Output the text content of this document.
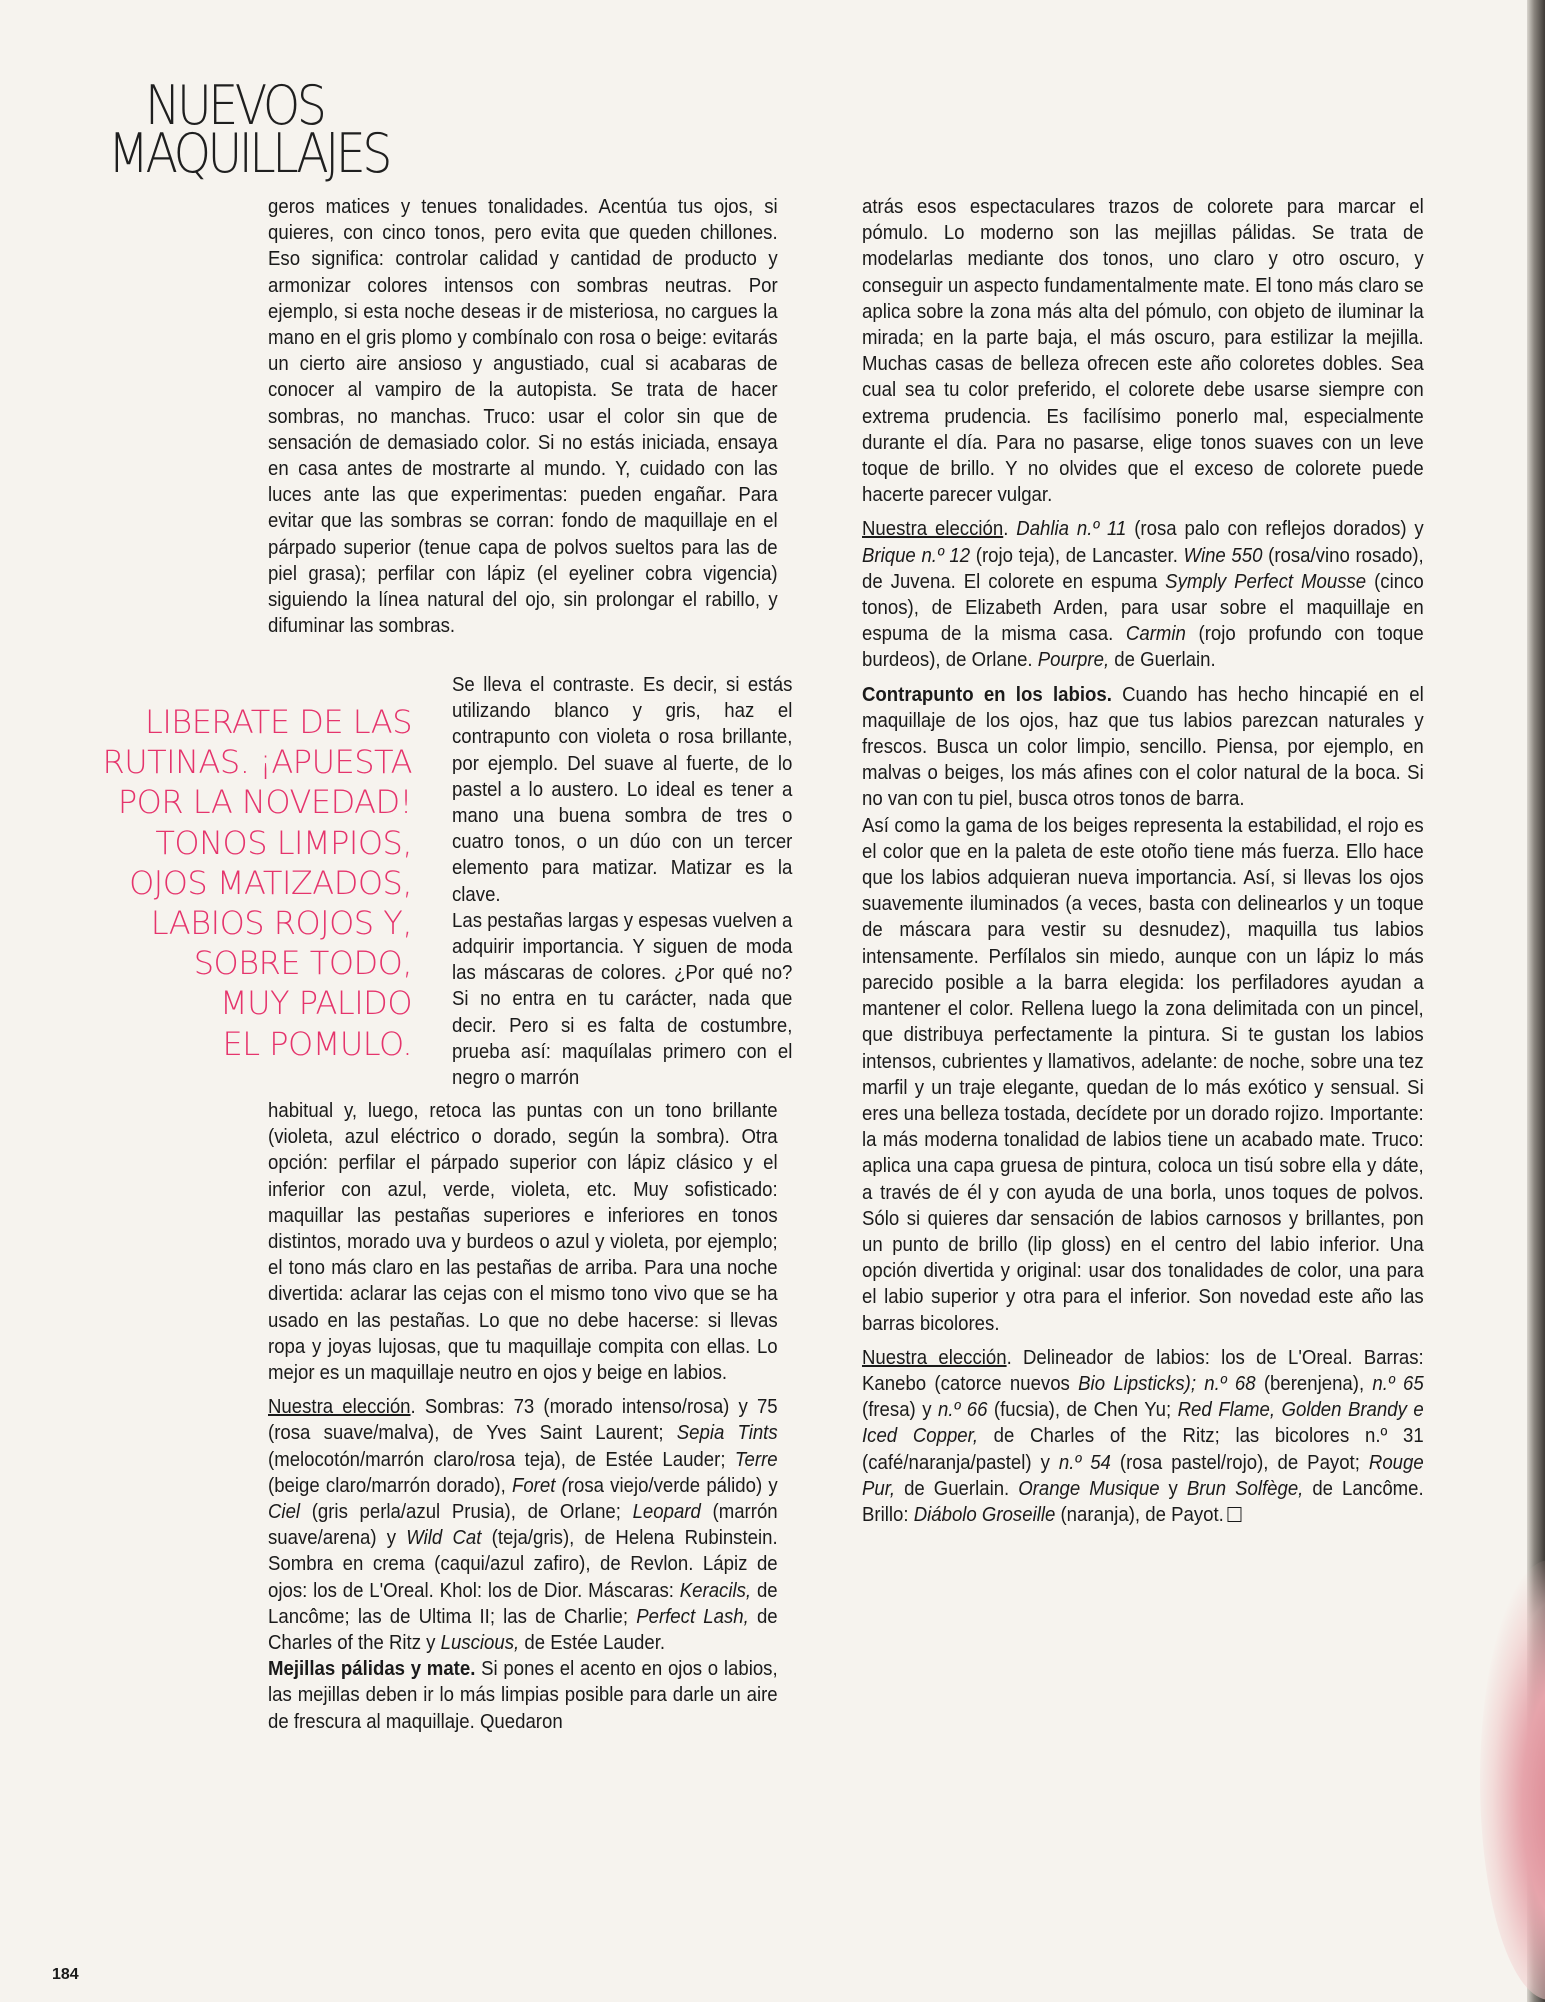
NUEVOS
MAQUILLAJES

geros matices y tenues tonalidades. Acentúa tus ojos, si quieres, con cinco tonos, pero evita que queden chillones. Eso significa: controlar calidad y cantidad de producto y armonizar colores intensos con sombras neutras. Por ejemplo, si esta noche deseas ir de misteriosa, no cargues la mano en el gris plomo y combínalo con rosa o beige: evitarás un cierto aire ansioso y angustiado, cual si acabaras de conocer al vampiro de la autopista. Se trata de hacer sombras, no manchas. Truco: usar el color sin que de sensación de demasiado color. Si no estás iniciada, ensaya en casa antes de mostrarte al mundo. Y, cuidado con las luces ante las que experimentas: pueden engañar. Para evitar que las sombras se corran: fondo de maquillaje en el párpado superior (tenue capa de polvos sueltos para las de piel grasa); perfilar con lápiz (el eyeliner cobra vigencia) siguiendo la línea natural del ojo, sin prolongar el rabillo, y difuminar las sombras.

Se lleva el contraste. Es decir, si estás utilizando blanco y gris, haz el contrapunto con violeta o rosa brillante, por ejemplo. Del suave al fuerte, de lo pastel a lo austero. Lo ideal es tener a mano una buena sombra de tres o cuatro tonos, o un dúo con un tercer elemento para matizar. Matizar es la clave.

Las pestañas largas y espesas vuelven a adquirir importancia. Y siguen de moda las máscaras de colores. ¿Por qué no? Si no entra en tu carácter, nada que decir. Pero si es falta de costumbre, prueba así: maquílalas primero con el negro o marrón

LIBERATE DE LAS
RUTINAS. ¡APUESTA
POR LA NOVEDAD!
TONOS LIMPIOS,
OJOS MATIZADOS,
LABIOS ROJOS Y,
SOBRE TODO,
MUY PALIDO
EL POMULO.

habitual y, luego, retoca las puntas con un tono brillante (violeta, azul eléctrico o dorado, según la sombra). Otra opción: perfilar el párpado superior con lápiz clásico y el inferior con azul, verde, violeta, etc. Muy sofisticado: maquillar las pestañas superiores e inferiores en tonos distintos, morado uva y burdeos o azul y violeta, por ejemplo; el tono más claro en las pestañas de arriba. Para una noche divertida: aclarar las cejas con el mismo tono vivo que se ha usado en las pestañas. Lo que no debe hacerse: si llevas ropa y joyas lujosas, que tu maquillaje compita con ellas. Lo mejor es un maquillaje neutro en ojos y beige en labios.

Nuestra elección. Sombras: 73 (morado intenso/rosa) y 75 (rosa suave/malva), de Yves Saint Laurent; Sepia Tints (melocotón/marrón claro/rosa teja), de Estée Lauder; Terre (beige claro/marrón dorado), Foret (rosa viejo/verde pálido) y Ciel (gris perla/azul Prusia), de Orlane; Leopard (marrón suave/arena) y Wild Cat (teja/gris), de Helena Rubinstein. Sombra en crema (caqui/azul zafiro), de Revlon. Lápiz de ojos: los de L'Oreal. Khol: los de Dior. Máscaras: Keracils, de Lancôme; las de Ultima II; las de Charlie; Perfect Lash, de Charles of the Ritz y Luscious, de Estée Lauder.

Mejillas pálidas y mate. Si pones el acento en ojos o labios, las mejillas deben ir lo más limpias posible para darle un aire de frescura al maquillaje. Quedaron

atrás esos espectaculares trazos de colorete para marcar el pómulo. Lo moderno son las mejillas pálidas. Se trata de modelarlas mediante dos tonos, uno claro y otro oscuro, y conseguir un aspecto fundamentalmente mate. El tono más claro se aplica sobre la zona más alta del pómulo, con objeto de iluminar la mirada; en la parte baja, el más oscuro, para estilizar la mejilla. Muchas casas de belleza ofrecen este año coloretes dobles. Sea cual sea tu color preferido, el colorete debe usarse siempre con extrema prudencia. Es facilísimo ponerlo mal, especialmente durante el día. Para no pasarse, elige tonos suaves con un leve toque de brillo. Y no olvides que el exceso de colorete puede hacerte parecer vulgar.

Nuestra elección. Dahlia n.º 11 (rosa palo con reflejos dorados) y Brique n.º 12 (rojo teja), de Lancaster. Wine 550 (rosa/vino rosado), de Juvena. El colorete en espuma Symply Perfect Mousse (cinco tonos), de Elizabeth Arden, para usar sobre el maquillaje en espuma de la misma casa. Carmin (rojo profundo con toque burdeos), de Orlane. Pourpre, de Guerlain.

Contrapunto en los labios. Cuando has hecho hincapié en el maquillaje de los ojos, haz que tus labios parezcan naturales y frescos. Busca un color limpio, sencillo. Piensa, por ejemplo, en malvas o beiges, los más afines con el color natural de la boca. Si no van con tu piel, busca otros tonos de barra.

Así como la gama de los beiges representa la estabilidad, el rojo es el color que en la paleta de este otoño tiene más fuerza. Ello hace que los labios adquieran nueva importancia. Así, si llevas los ojos suavemente iluminados (a veces, basta con delinearlos y un toque de máscara para vestir su desnudez), maquilla tus labios intensamente. Perfílalos sin miedo, aunque con un lápiz lo más parecido posible a la barra elegida: los perfiladores ayudan a mantener el color. Rellena luego la zona delimitada con un pincel, que distribuya perfectamente la pintura. Si te gustan los labios intensos, cubrientes y llamativos, adelante: de noche, sobre una tez marfil y un traje elegante, quedan de lo más exótico y sensual. Si eres una belleza tostada, decídete por un dorado rojizo. Importante: la más moderna tonalidad de labios tiene un acabado mate. Truco: aplica una capa gruesa de pintura, coloca un tisú sobre ella y dáte, a través de él y con ayuda de una borla, unos toques de polvos. Sólo si quieres dar sensación de labios carnosos y brillantes, pon un punto de brillo (lip gloss) en el centro del labio inferior. Una opción divertida y original: usar dos tonalidades de color, una para el labio superior y otra para el inferior. Son novedad este año las barras bicolores.

Nuestra elección. Delineador de labios: los de L'Oreal. Barras: Kanebo (catorce nuevos Bio Lipsticks); n.º 68 (berenjena), n.º 65 (fresa) y n.º 66 (fucsia), de Chen Yu; Red Flame, Golden Brandy e Iced Copper, de Charles of the Ritz; las bicolores n.º 31 (café/naranja/pastel) y n.º 54 (rosa pastel/rojo), de Payot; Rouge Pur, de Guerlain. Orange Musique y Brun Solfège, de Lancôme. Brillo: Diábolo Groseille (naranja), de Payot.

184
